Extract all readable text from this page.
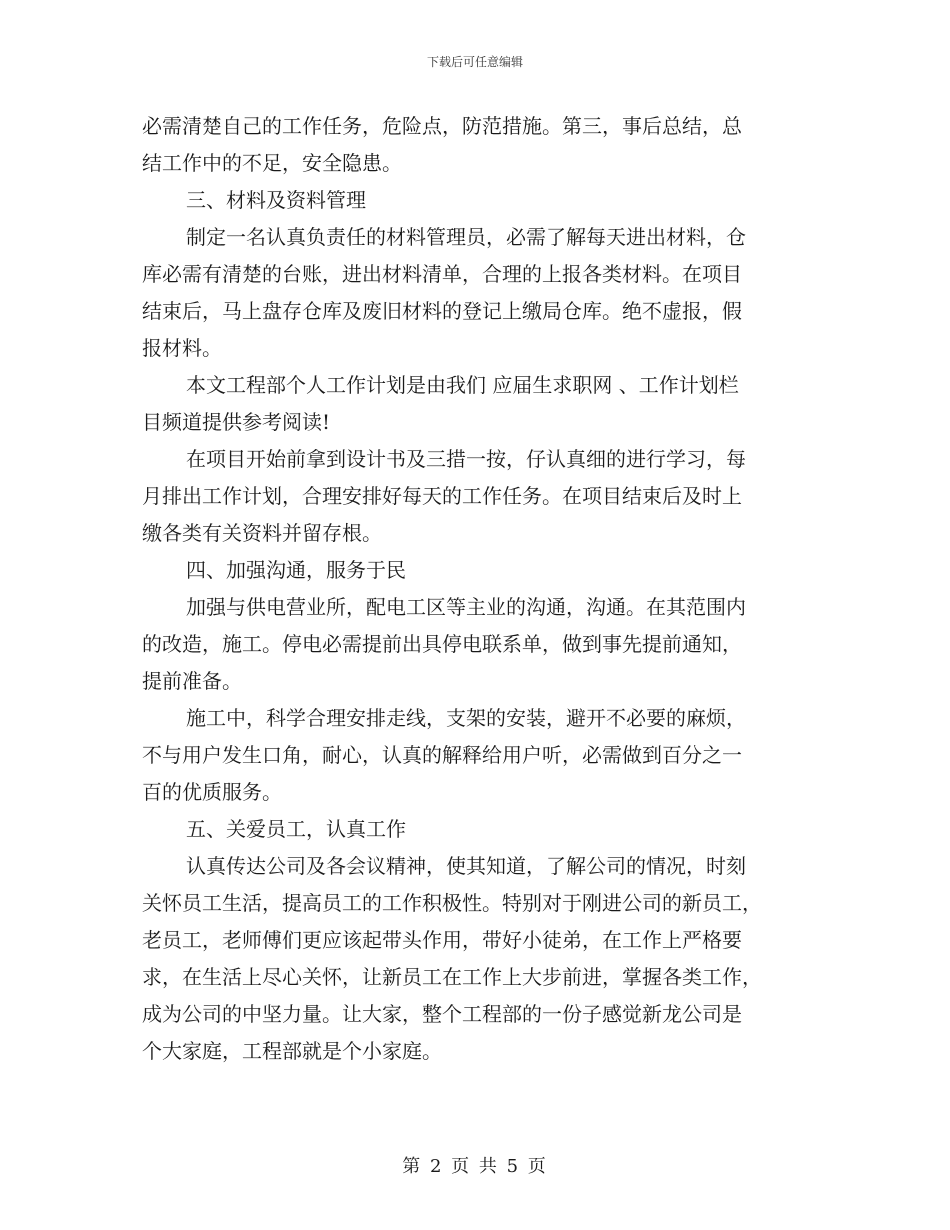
下载后可任意编辑

必需清楚自己的工作任务，危险点，防范措施。第三，事后总结，总
结工作中的不足，安全隐患。

三、材料及资料管理

制定一名认真负责任的材料管理员，必需了解每天进出材料，仓
库必需有清楚的台账，进出材料清单，合理的上报各类材料。在项目
结束后，马上盘存仓库及废旧材料的登记上缴局仓库。绝不虚报，假
报材料。

本文工程部个人工作计划是由我们 应届生求职网 、工作计划栏
目频道提供参考阅读!

在项目开始前拿到设计书及三措一按，仔认真细的进行学习，每
月排出工作计划，合理安排好每天的工作任务。在项目结束后及时上
缴各类有关资料并留存根。

四、加强沟通，服务于民

加强与供电营业所，配电工区等主业的沟通，沟通。在其范围内
的改造，施工。停电必需提前出具停电联系单，做到事先提前通知，
提前准备。

施工中，科学合理安排走线，支架的安装，避开不必要的麻烦，
不与用户发生口角，耐心，认真的解释给用户听，必需做到百分之一
百的优质服务。

五、关爱员工，认真工作

认真传达公司及各会议精神，使其知道，了解公司的情况，时刻
关怀员工生活，提高员工的工作积极性。特别对于刚进公司的新员工，
老员工，老师傅们更应该起带头作用，带好小徒弟，在工作上严格要
求，在生活上尽心关怀，让新员工在工作上大步前进，掌握各类工作，
成为公司的中坚力量。让大家，整个工程部的一份子感觉新龙公司是
个大家庭，工程部就是个小家庭。

第 2 页 共 5 页
